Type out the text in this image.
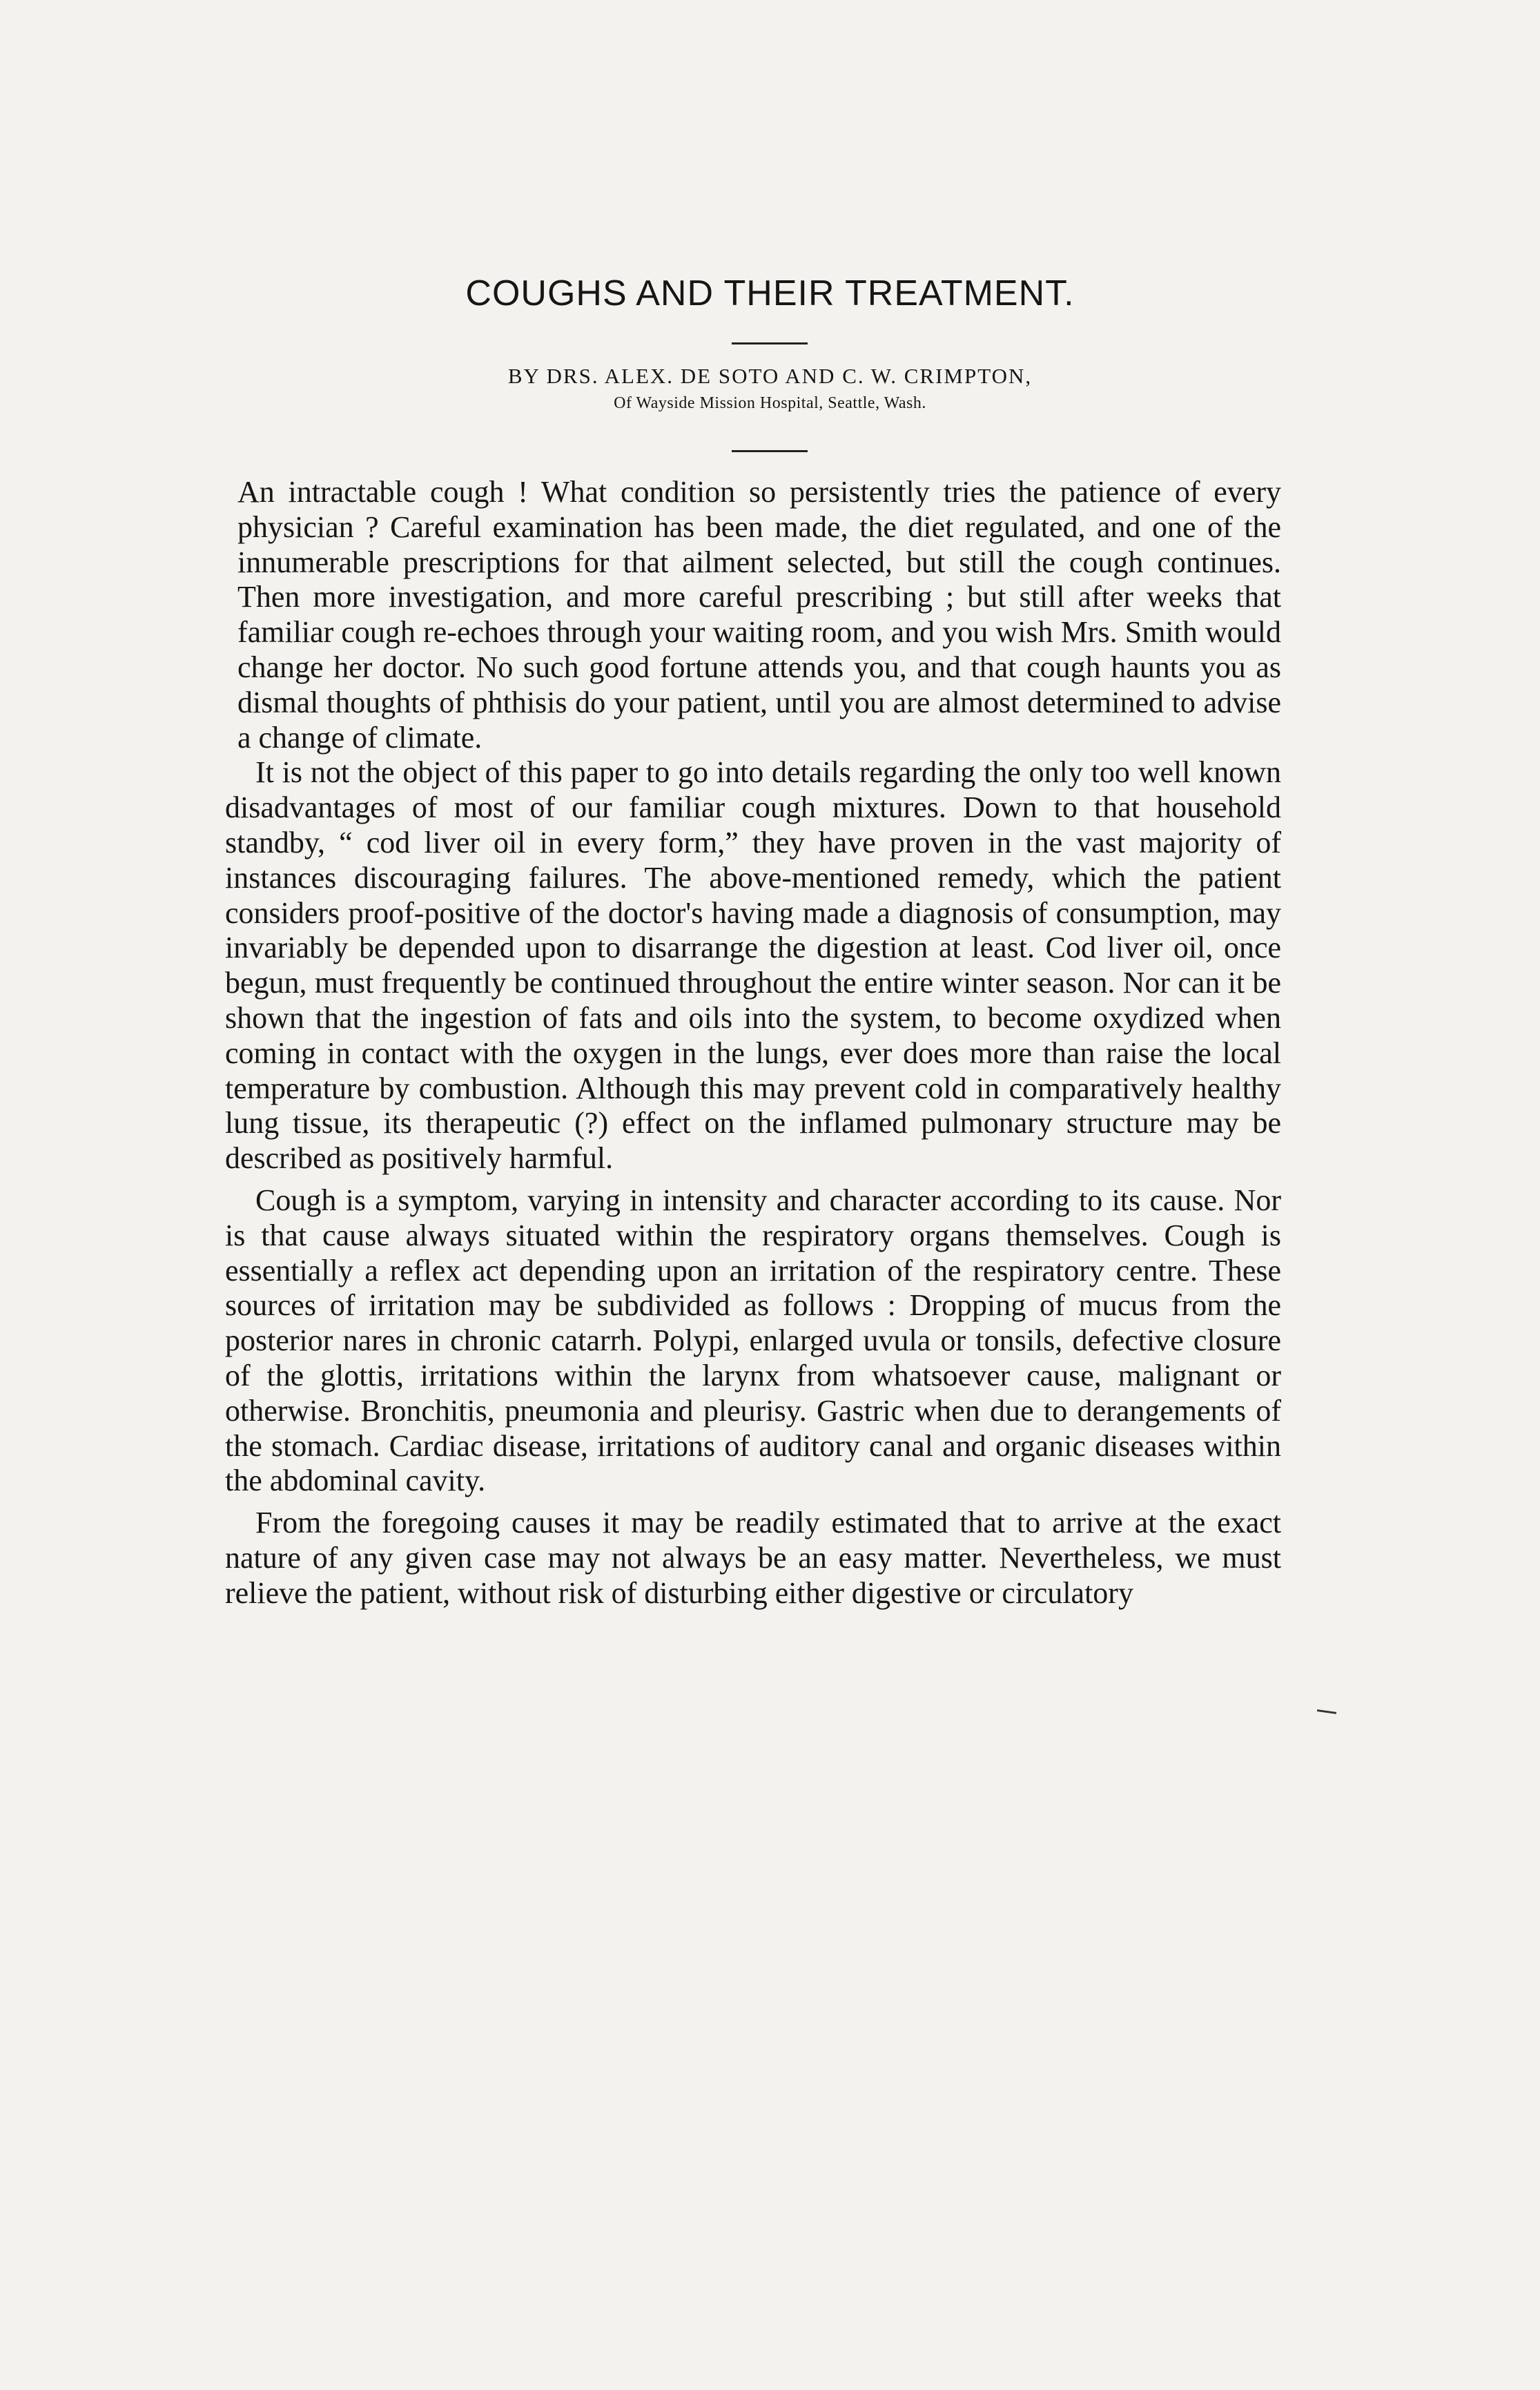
COUGHS AND THEIR TREATMENT.
BY DRS. ALEX. DE SOTO AND C. W. CRIMPTON,
Of Wayside Mission Hospital, Seattle, Wash.

An intractable cough ! What condition so persistently tries the patience of every physician ? Careful examination has been made, the diet regulated, and one of the innumerable prescriptions for that ailment selected, but still the cough continues. Then more investigation, and more careful prescribing ; but still after weeks that familiar cough re-echoes through your waiting room, and you wish Mrs. Smith would change her doctor. No such good fortune attends you, and that cough haunts you as dismal thoughts of phthisis do your patient, until you are almost determined to advise a change of climate.

It is not the object of this paper to go into details regarding the only too well known disadvantages of most of our familiar cough mixtures. Down to that household standby, “ cod liver oil in every form,” they have proven in the vast majority of instances discouraging failures. The above-mentioned remedy, which the patient considers proof-positive of the doctor's having made a diagnosis of consumption, may invariably be depended upon to disarrange the digestion at least. Cod liver oil, once begun, must frequently be continued throughout the entire winter season. Nor can it be shown that the ingestion of fats and oils into the system, to become oxydized when coming in contact with the oxygen in the lungs, ever does more than raise the local temperature by combustion. Although this may prevent cold in comparatively healthy lung tissue, its therapeutic (?) effect on the inflamed pulmonary structure may be described as positively harmful.

Cough is a symptom, varying in intensity and character according to its cause. Nor is that cause always situated within the respiratory organs themselves. Cough is essentially a reflex act depending upon an irritation of the respiratory centre. These sources of irritation may be subdivided as follows : Dropping of mucus from the posterior nares in chronic catarrh. Polypi, enlarged uvula or tonsils, defective closure of the glottis, irritations within the larynx from whatsoever cause, malignant or otherwise. Bronchitis, pneumonia and pleurisy. Gastric when due to derangements of the stomach. Cardiac disease, irritations of auditory canal and organic diseases within the abdominal cavity.

From the foregoing causes it may be readily estimated that to arrive at the exact nature of any given case may not always be an easy matter. Nevertheless, we must relieve the patient, without risk of disturbing either digestive or circulatory
